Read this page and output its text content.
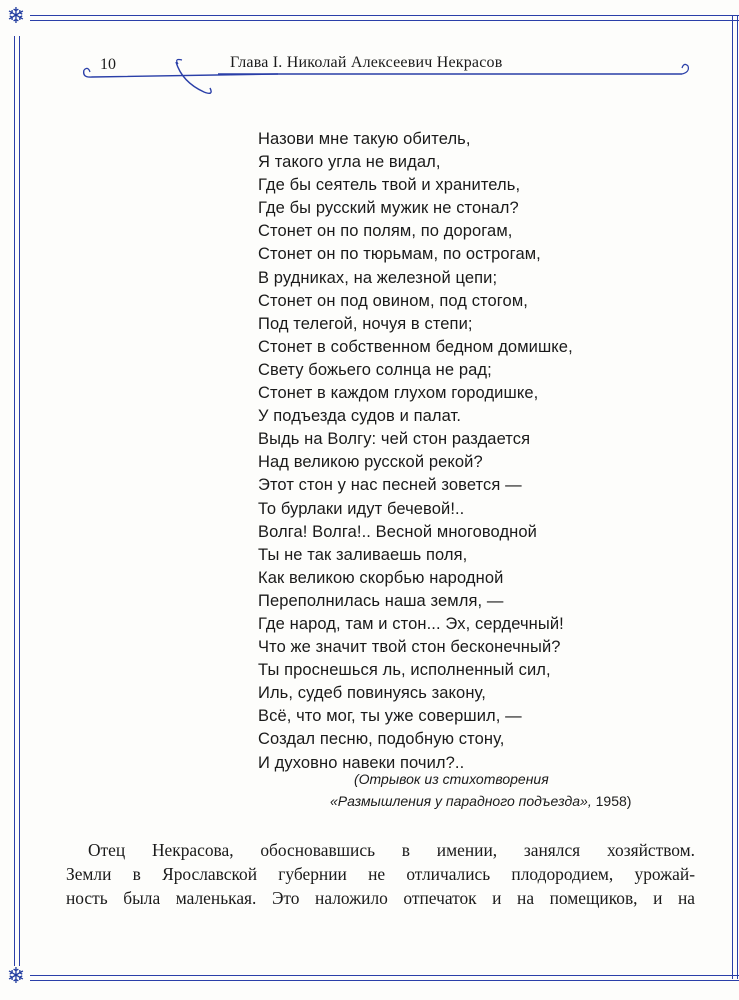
❄
❄
10	Глава I. Николай Алексеевич Некрасов
Назови мне такую обитель,
Я такого угла не видал,
Где бы сеятель твой и хранитель,
Где бы русский мужик не стонал?
Стонет он по полям, по дорогам,
Стонет он по тюрьмам, по острогам,
В рудниках, на железной цепи;
Стонет он под овином, под стогом,
Под телегой, ночуя в степи;
Стонет в собственном бедном домишке,
Свету божьего солнца не рад;
Стонет в каждом глухом городишке,
У подъезда судов и палат.
Выдь на Волгу: чей стон раздается
Над великою русской рекой?
Этот стон у нас песней зовется —
То бурлаки идут бечевой!..
Волга! Волга!.. Весной многоводной
Ты не так заливаешь поля,
Как великою скорбью народной
Переполнилась наша земля, —
Где народ, там и стон... Эх, сердечный!
Что же значит твой стон бесконечный?
Ты проснешься ль, исполненный сил,
Иль, судеб повинуясь закону,
Всё, что мог, ты уже совершил, —
Создал песню, подобную стону,
И духовно навеки почил?..
(Отрывок из стихотворения
«Размышления у парадного подъезда», 1958)
Отец Некрасова, обосновавшись в имении, занялся хозяйством.
Земли в Ярославской губернии не отличались плодородием, урожай-
ность была маленькая. Это наложило отпечаток и на помещиков, и на
